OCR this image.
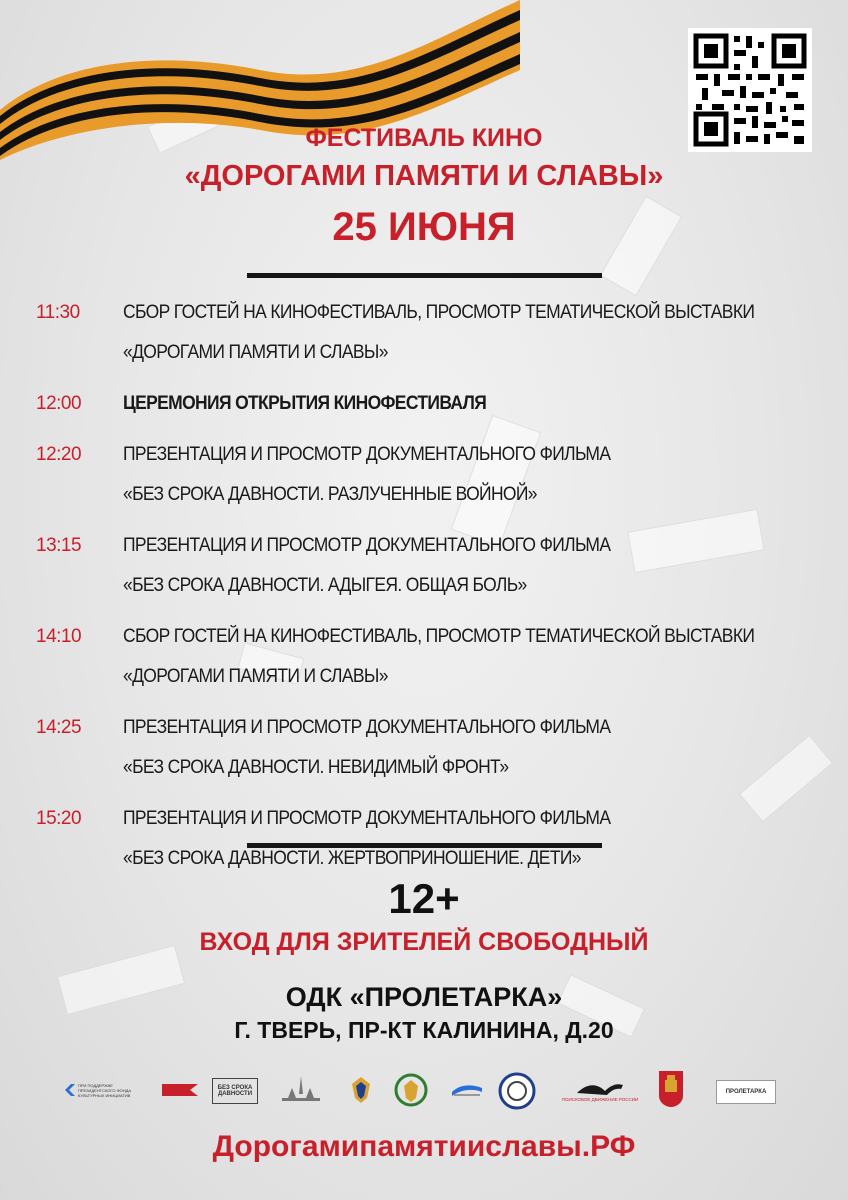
ФЕСТИВАЛЬ КИНО
«ДОРОГАМИ ПАМЯТИ И СЛАВЫ»
25 ИЮНЯ
11:30	СБОР ГОСТЕЙ НА КИНОФЕСТИВАЛЬ, ПРОСМОТР ТЕМАТИЧЕСКОЙ ВЫСТАВКИ
«ДОРОГАМИ ПАМЯТИ И СЛАВЫ»
12:00	ЦЕРЕМОНИЯ ОТКРЫТИЯ КИНОФЕСТИВАЛЯ
12:20	ПРЕЗЕНТАЦИЯ И ПРОСМОТР ДОКУМЕНТАЛЬНОГО ФИЛЬМА
«БЕЗ СРОКА ДАВНОСТИ. РАЗЛУЧЕННЫЕ ВОЙНОЙ»
13:15	ПРЕЗЕНТАЦИЯ И ПРОСМОТР ДОКУМЕНТАЛЬНОГО ФИЛЬМА
«БЕЗ СРОКА ДАВНОСТИ. АДЫГЕЯ. ОБЩАЯ БОЛЬ»
14:10	СБОР ГОСТЕЙ НА КИНОФЕСТИВАЛЬ, ПРОСМОТР ТЕМАТИЧЕСКОЙ ВЫСТАВКИ
«ДОРОГАМИ ПАМЯТИ И СЛАВЫ»
14:25	ПРЕЗЕНТАЦИЯ И ПРОСМОТР ДОКУМЕНТАЛЬНОГО ФИЛЬМА
«БЕЗ СРОКА ДАВНОСТИ. НЕВИДИМЫЙ ФРОНТ»
15:20	ПРЕЗЕНТАЦИЯ И ПРОСМОТР ДОКУМЕНТАЛЬНОГО ФИЛЬМА
«БЕЗ СРОКА ДАВНОСТИ. ЖЕРТВОПРИНОШЕНИЕ. ДЕТИ»
12+
ВХОД ДЛЯ ЗРИТЕЛЕЙ СВОБОДНЫЙ
ОДК «ПРОЛЕТАРКА»
Г. ТВЕРЬ, ПР-КТ КАЛИНИНА, Д.20
ПРИ ПОДДЕРЖКЕ ПРЕЗИДЕНТСКОГО ФОНДА КУЛЬТУРНЫХ ИНИЦИАТИВ
БЕЗ СРОКА ДАВНОСТИ
ПОИСКОВОЕ ДВИЖЕНИЕ РОССИИ
ПРОЛЕТАРКА
Дорогамипамятииславы.РФ
